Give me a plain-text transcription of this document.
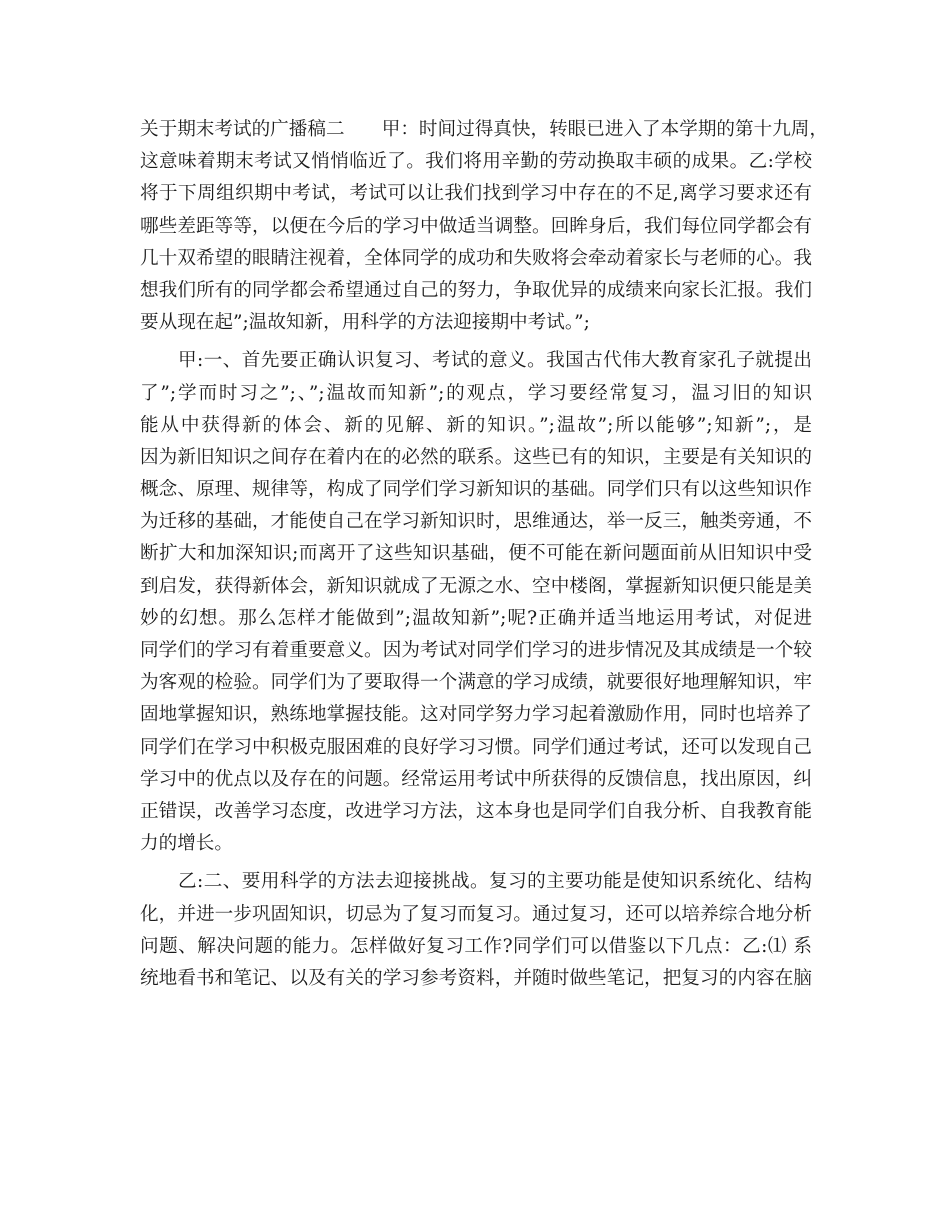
关于期末考试的广播稿二　　甲：时间过得真快，转眼已进入了本学期的第十九周，
这意味着期末考试又悄悄临近了。我们将用辛勤的劳动换取丰硕的成果。乙:学校
将于下周组织期中考试，考试可以让我们找到学习中存在的不足,离学习要求还有
哪些差距等等，以便在今后的学习中做适当调整。回眸身后，我们每位同学都会有
几十双希望的眼睛注视着，全体同学的成功和失败将会牵动着家长与老师的心。我
想我们所有的同学都会希望通过自己的努力，争取优异的成绩来向家长汇报。我们
要从现在起”;温故知新，用科学的方法迎接期中考试。”;
　　甲:一、首先要正确认识复习、考试的意义。我国古代伟大教育家孔子就提出
了”;学而时习之”;、”;温故而知新”;的观点，学习要经常复习，温习旧的知识
能从中获得新的体会、新的见解、新的知识。”;温故”;所以能够”;知新”;，是
因为新旧知识之间存在着内在的必然的联系。这些已有的知识，主要是有关知识的
概念、原理、规律等，构成了同学们学习新知识的基础。同学们只有以这些知识作
为迁移的基础，才能使自己在学习新知识时，思维通达，举一反三，触类旁通，不
断扩大和加深知识;而离开了这些知识基础，便不可能在新问题面前从旧知识中受
到启发，获得新体会，新知识就成了无源之水、空中楼阁，掌握新知识便只能是美
妙的幻想。那么怎样才能做到”;温故知新”;呢?正确并适当地运用考试，对促进
同学们的学习有着重要意义。因为考试对同学们学习的进步情况及其成绩是一个较
为客观的检验。同学们为了要取得一个满意的学习成绩，就要很好地理解知识，牢
固地掌握知识，熟练地掌握技能。这对同学努力学习起着激励作用，同时也培养了
同学们在学习中积极克服困难的良好学习习惯。同学们通过考试，还可以发现自己
学习中的优点以及存在的问题。经常运用考试中所获得的反馈信息，找出原因，纠
正错误，改善学习态度，改进学习方法，这本身也是同学们自我分析、自我教育能
力的增长。
　　乙:二、要用科学的方法去迎接挑战。复习的主要功能是使知识系统化、结构
化，并进一步巩固知识，切忌为了复习而复习。通过复习，还可以培养综合地分析
问题、解决问题的能力。怎样做好复习工作?同学们可以借鉴以下几点：乙:⑴ 系
统地看书和笔记、以及有关的学习参考资料，并随时做些笔记，把复习的内容在脑
